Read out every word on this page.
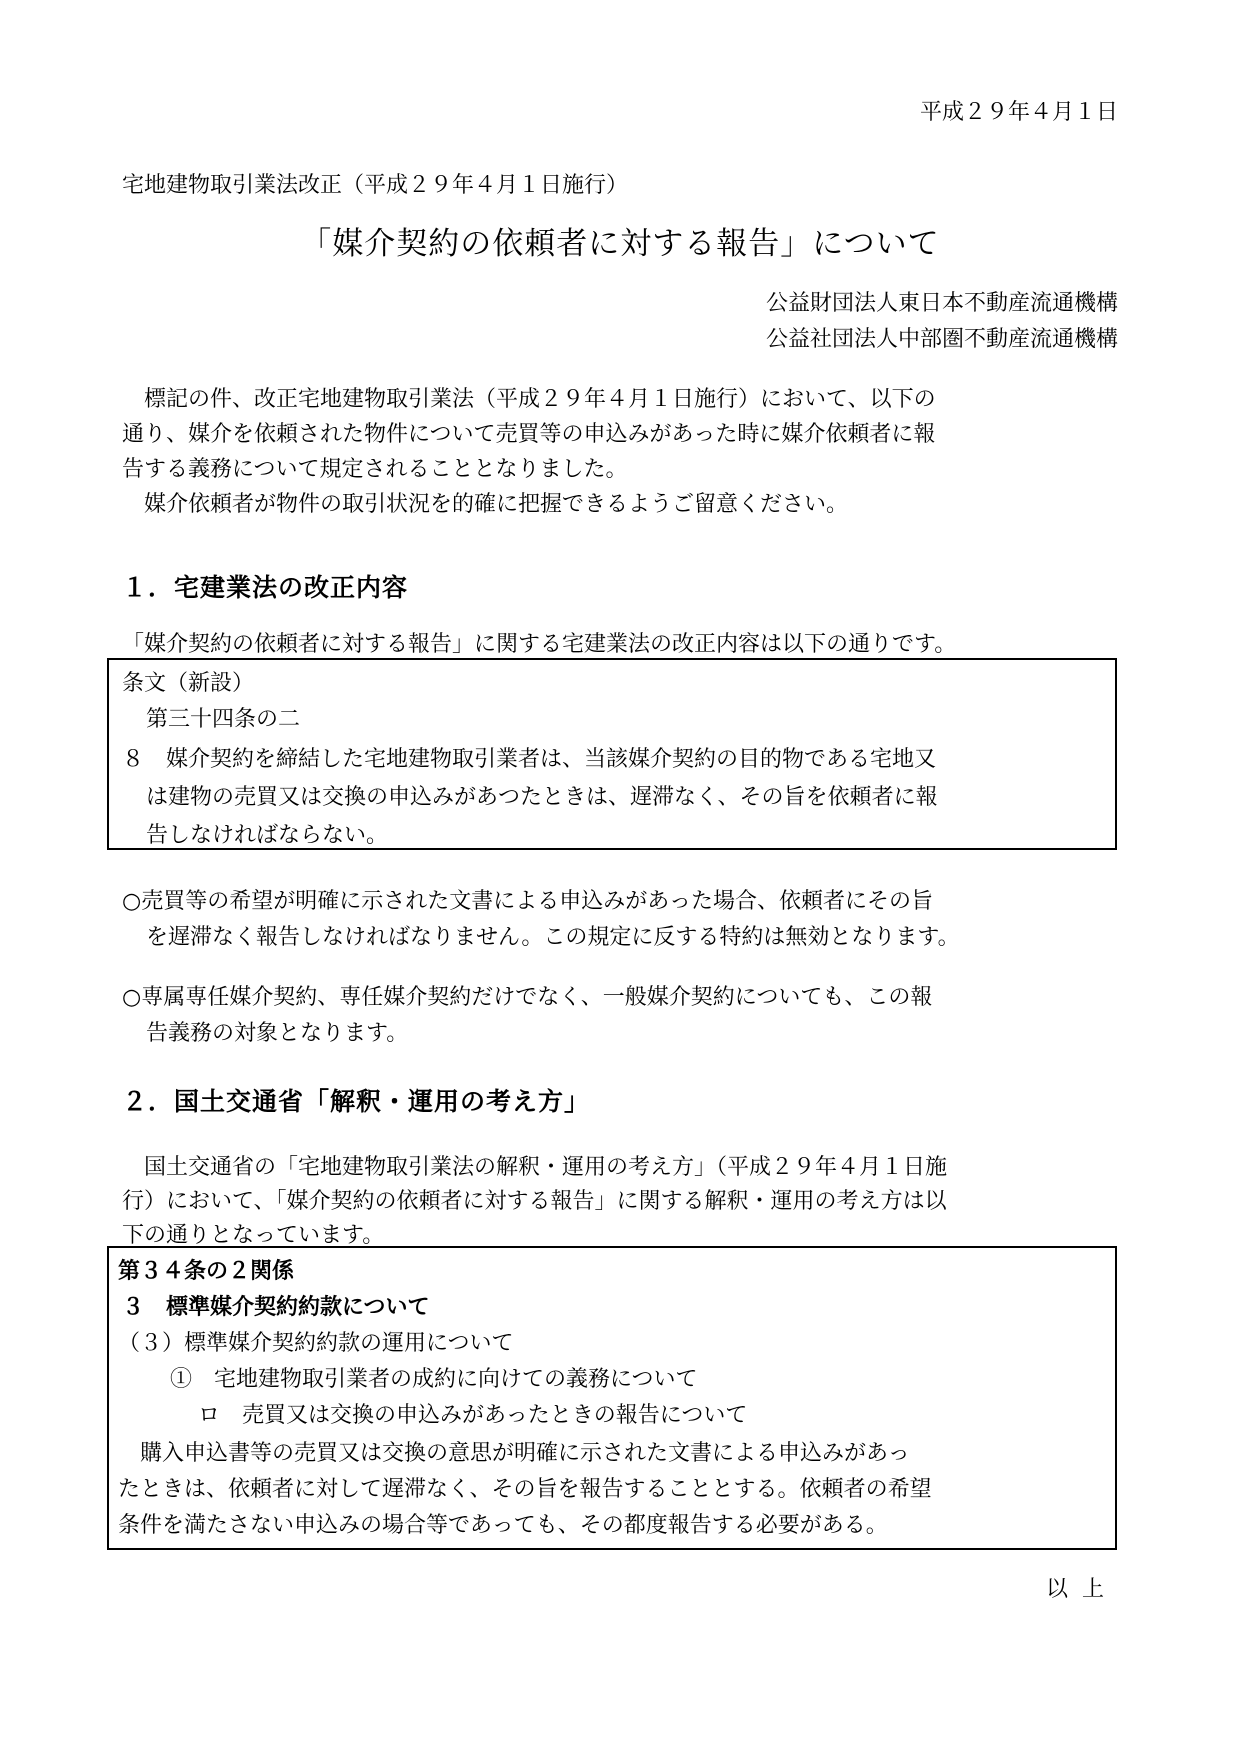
平成２９年４月１日
宅地建物取引業法改正（平成２９年４月１日施行）
「媒介契約の依頼者に対する報告」について
公益財団法人東日本不動産流通機構
公益社団法人中部圏不動産流通機構
　標記の件、改正宅地建物取引業法（平成２９年４月１日施行）において、以下の
通り、媒介を依頼された物件について売買等の申込みがあった時に媒介依頼者に報
告する義務について規定されることとなりました。
　媒介依頼者が物件の取引状況を的確に把握できるようご留意ください。
１．宅建業法の改正内容
「媒介契約の依頼者に対する報告」に関する宅建業法の改正内容は以下の通りです。
条文（新設）
第三十四条の二
８　媒介契約を締結した宅地建物取引業者は、当該媒介契約の目的物である宅地又
は建物の売買又は交換の申込みがあつたときは、遅滞なく、その旨を依頼者に報
告しなければならない。
○売買等の希望が明確に示された文書による申込みがあった場合、依頼者にその旨
を遅滞なく報告しなければなりません。この規定に反する特約は無効となります。
○専属専任媒介契約、専任媒介契約だけでなく、一般媒介契約についても、この報
告義務の対象となります。
２．国土交通省「解釈・運用の考え方」
　国土交通省の「宅地建物取引業法の解釈・運用の考え方」（平成２９年４月１日施
行）において、「媒介契約の依頼者に対する報告」に関する解釈・運用の考え方は以
下の通りとなっています。
第３４条の２関係
３　標準媒介契約約款について
（３）標準媒介契約約款の運用について
①　宅地建物取引業者の成約に向けての義務について
ロ　売買又は交換の申込みがあったときの報告について
　購入申込書等の売買又は交換の意思が明確に示された文書による申込みがあっ
たときは、依頼者に対して遅滞なく、その旨を報告することとする。依頼者の希望
条件を満たさない申込みの場合等であっても、その都度報告する必要がある。
以上
